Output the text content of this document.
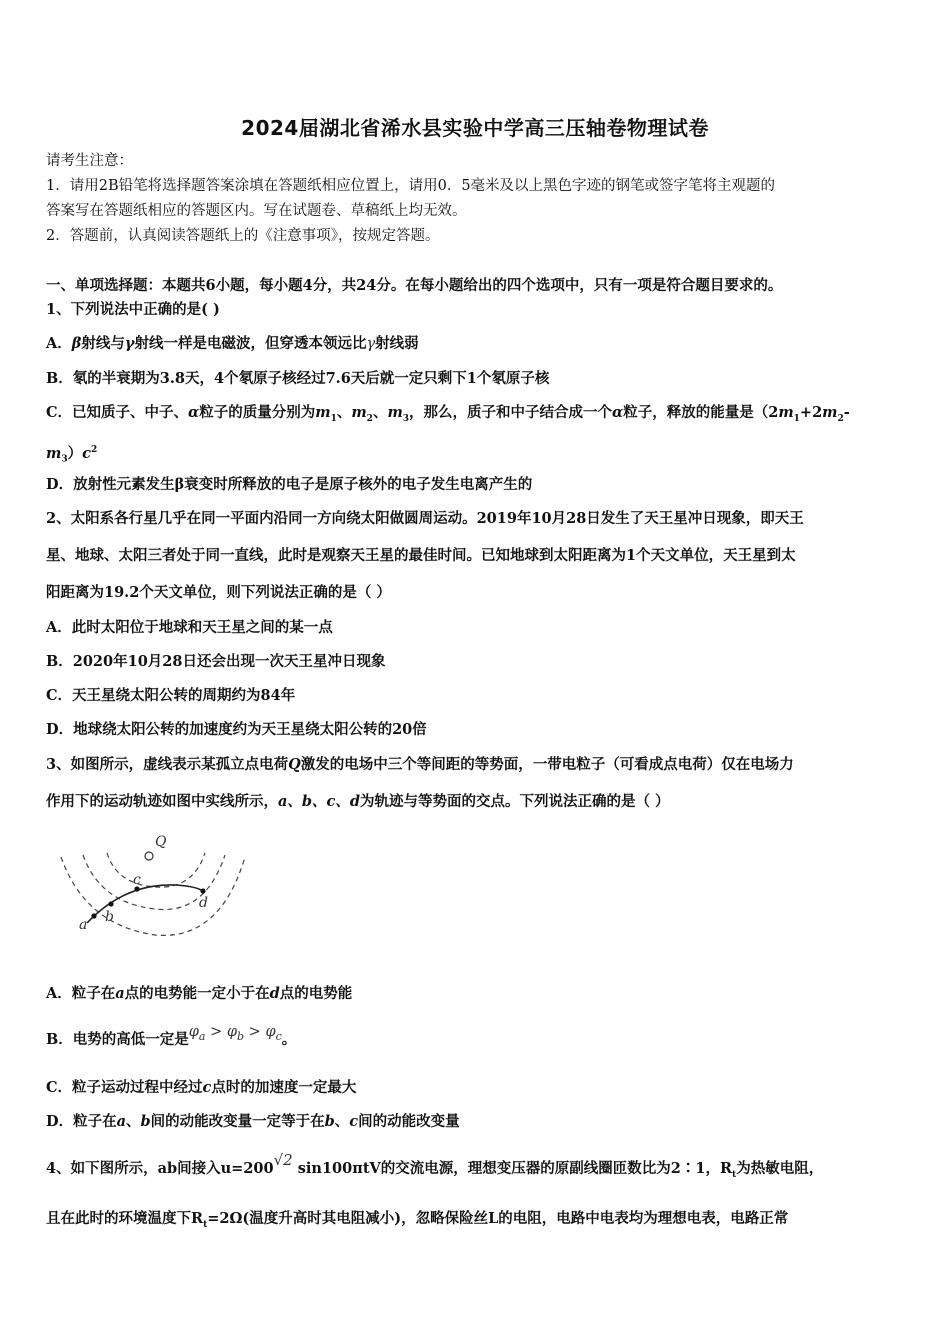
2024届湖北省浠水县实验中学高三压轴卷物理试卷
请考生注意：
1．请用2B铅笔将选择题答案涂填在答题纸相应位置上，请用0．5毫米及以上黑色字迹的钢笔或签字笔将主观题的
答案写在答题纸相应的答题区内。写在试题卷、草稿纸上均无效。
2．答题前，认真阅读答题纸上的《注意事项》，按规定答题。
一、单项选择题：本题共6小题，每小题4分，共24分。在每小题给出的四个选项中，只有一项是符合题目要求的。
1、下列说法中正确的是( )
A．β射线与γ射线一样是电磁波，但穿透本领远比γ射线弱
B．氡的半衰期为3.8天，4个氡原子核经过7.6天后就一定只剩下1个氡原子核
C．已知质子、中子、α粒子的质量分别为$m_1$、$m_2$、$m_3$，那么，质子和中子结合成一个α粒子，释放的能量是（$2m_1+2m_2-$
$m_3)c^2$
D．放射性元素发生β衰变时所释放的电子是原子核外的电子发生电离产生的
2、太阳系各行星几乎在同一平面内沿同一方向绕太阳做圆周运动。2019年10月28日发生了天王星冲日现象，即天王
星、地球、太阳三者处于同一直线，此时是观察天王星的最佳时间。已知地球到太阳距离为1个天文单位，天王星到太
阳距离为19.2个天文单位，则下列说法正确的是（ ）
A．此时太阳位于地球和天王星之间的某一点
B．2020年10月28日还会出现一次天王星冲日现象
C．天王星绕太阳公转的周期约为84年
D．地球绕太阳公转的加速度约为天王星绕太阳公转的20倍
3、如图所示，虚线表示某孤立点电荷Q激发的电场中三个等间距的等势面，一带电粒子（可看成点电荷）仅在电场力
作用下的运动轨迹如图中实线所示，a、b、c、d为轨迹与等势面的交点。下列说法正确的是（ ）
Q
a b
c
d
A．粒子在a点的电势能一定小于在d点的电势能
B．电势的高低一定是$\varphi_a > \varphi_b > \varphi_c$。
C．粒子运动过程中经过c点时的加速度一定最大
D．粒子在a、b间的动能改变量一定等于在b、c间的动能改变量
4、如下图所示，ab间接入u=200√2 sin100πtV的交流电源，理想变压器的原副线圈匝数比为2∶1，$R_t$为热敏电阻，
且在此时的环境温度下$R_t=2\Omega$(温度升高时其电阻减小)，忽略保险丝L的电阻，电路中电表均为理想电表，电路正常
